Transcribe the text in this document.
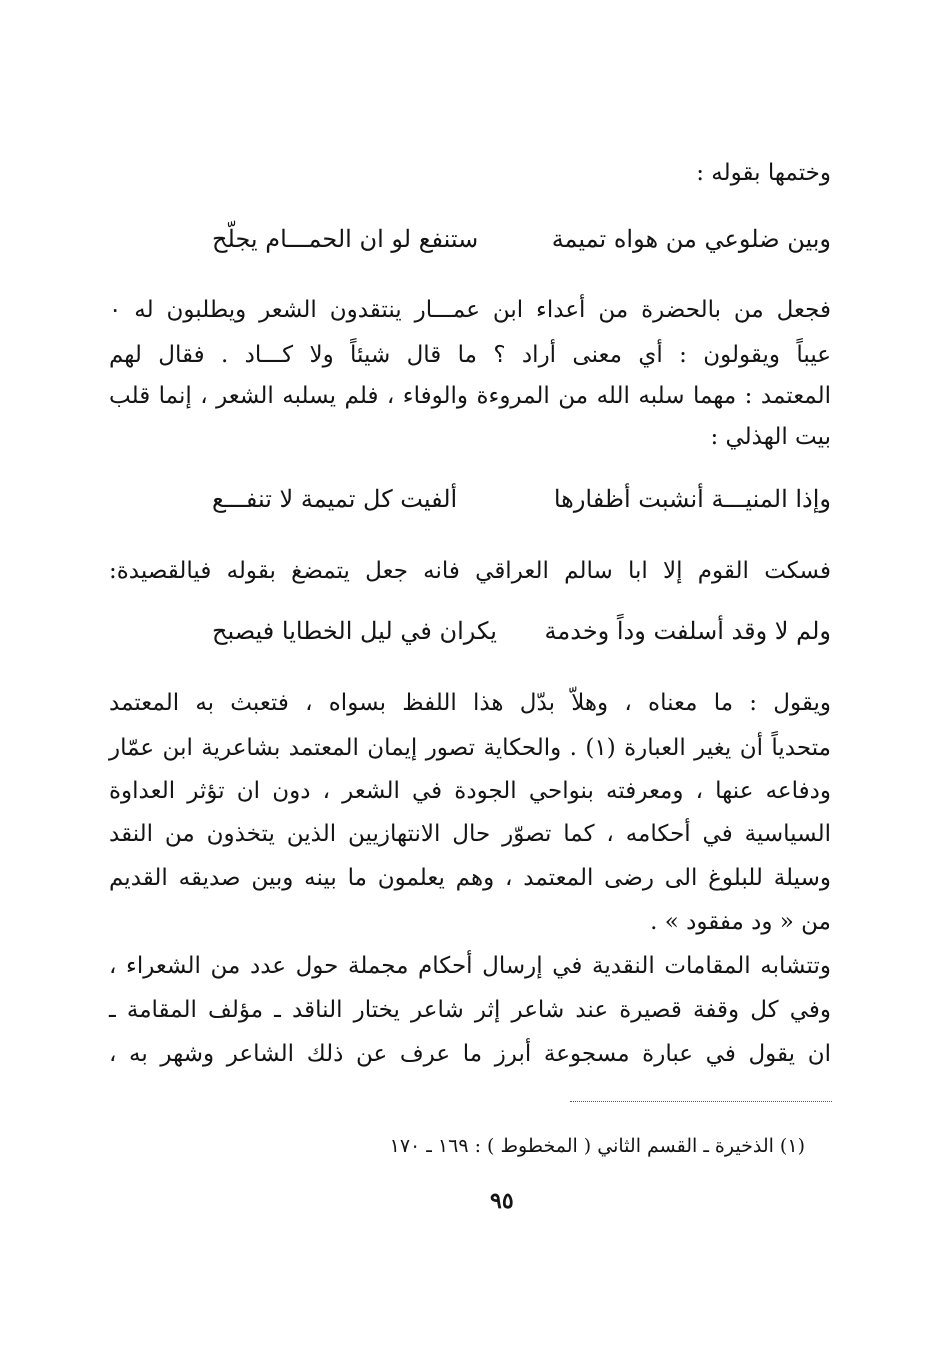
وختمها بقوله :
وبين ضلوعي من هواه تميمة
ستنفع لو ان الحمـــام يجلّح
فجعل من بالحضرة من أعداء ابن عمـــار ينتقدون الشعر ويطلبون له ٠
عيباً ويقولون : أي معنى أراد ؟ ما قال شيئاً ولا كـــاد . فقال لهم
المعتمد : مهما سلبه الله من المروءة والوفاء ، فلم يسلبه الشعر ، إنما قلب
بيت الهذلي :
وإذا المنيـــة أنشبت أظفارها
ألفيت كل تميمة لا تنفـــع
فسكت القوم إلا ابا سالم العراقي فانه جعل يتمضغ بقوله فيالقصيدة:
ولم لا وقد أسلفت وداً وخدمة
يكران في ليل الخطايا فيصبح
ويقول : ما معناه ، وهلاّ بدّل هذا اللفظ بسواه ، فتعبث به المعتمد
متحدياً أن يغير العبارة (١) . والحكاية تصور إيمان المعتمد بشاعرية ابن عمّار
ودفاعه عنها ، ومعرفته بنواحي الجودة في الشعر ، دون ان تؤثر العداوة
السياسية في أحكامه ، كما تصوّر حال الانتهازيين الذين يتخذون من النقد
وسيلة للبلوغ الى رضى المعتمد ، وهم يعلمون ما بينه وبين صديقه القديم
من « ود مفقود » .
وتتشابه المقامات النقدية في إرسال أحكام مجملة حول عدد من الشعراء ،
وفي كل وقفة قصيرة عند شاعر إثر شاعر يختار الناقد ـ مؤلف المقامة ـ
ان يقول في عبارة مسجوعة أبرز ما عرف عن ذلك الشاعر وشهر به ،
(١) الذخيرة ـ القسم الثاني ( المخطوط ) : ١٦٩ ـ ١٧٠
٩٥
